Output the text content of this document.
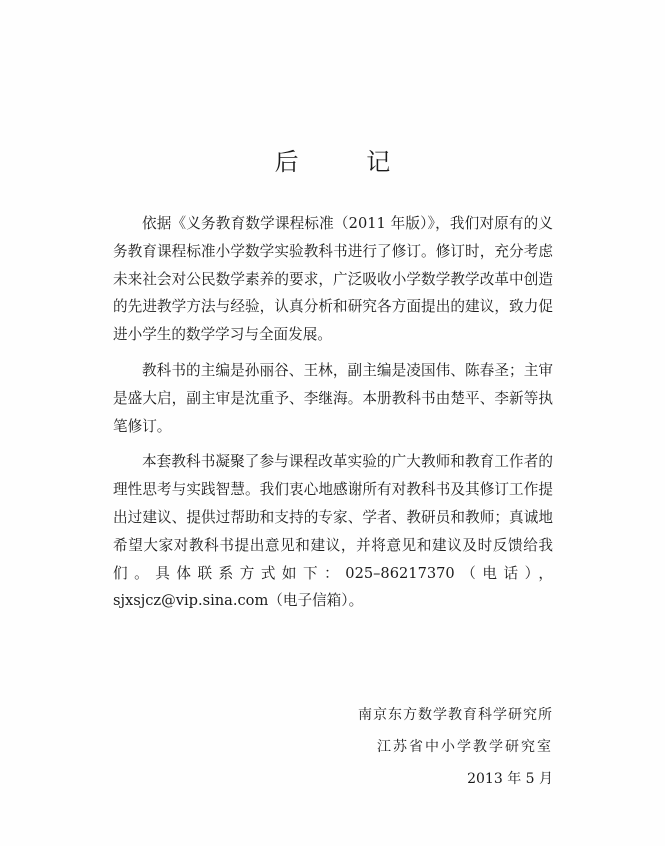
后 记

依据《义务教育数学课程标准（2011 年版）》，我们对原有的义务教育课程标准小学数学实验教科书进行了修订。修订时，充分考虑未来社会对公民数学素养的要求，广泛吸收小学数学教学改革中创造的先进教学方法与经验，认真分析和研究各方面提出的建议，致力促进小学生的数学学习与全面发展。

教科书的主编是孙丽谷、王林，副主编是凌国伟、陈春圣；主审是盛大启，副主审是沈重予、李继海。本册教科书由楚平、李新等执笔修订。

本套教科书凝聚了参与课程改革实验的广大教师和教育工作者的理性思考与实践智慧。我们衷心地感谢所有对教科书及其修订工作提出过建议、提供过帮助和支持的专家、学者、教研员和教师；真诚地希望大家对教科书提出意见和建议，并将意见和建议及时反馈给我们。具体联系方式如下：025–86217370（电话），sjxsjcz@vip.sina.com（电子信箱）。

南京东方数学教育科学研究所
江苏省中小学教学研究室
2013 年 5 月
